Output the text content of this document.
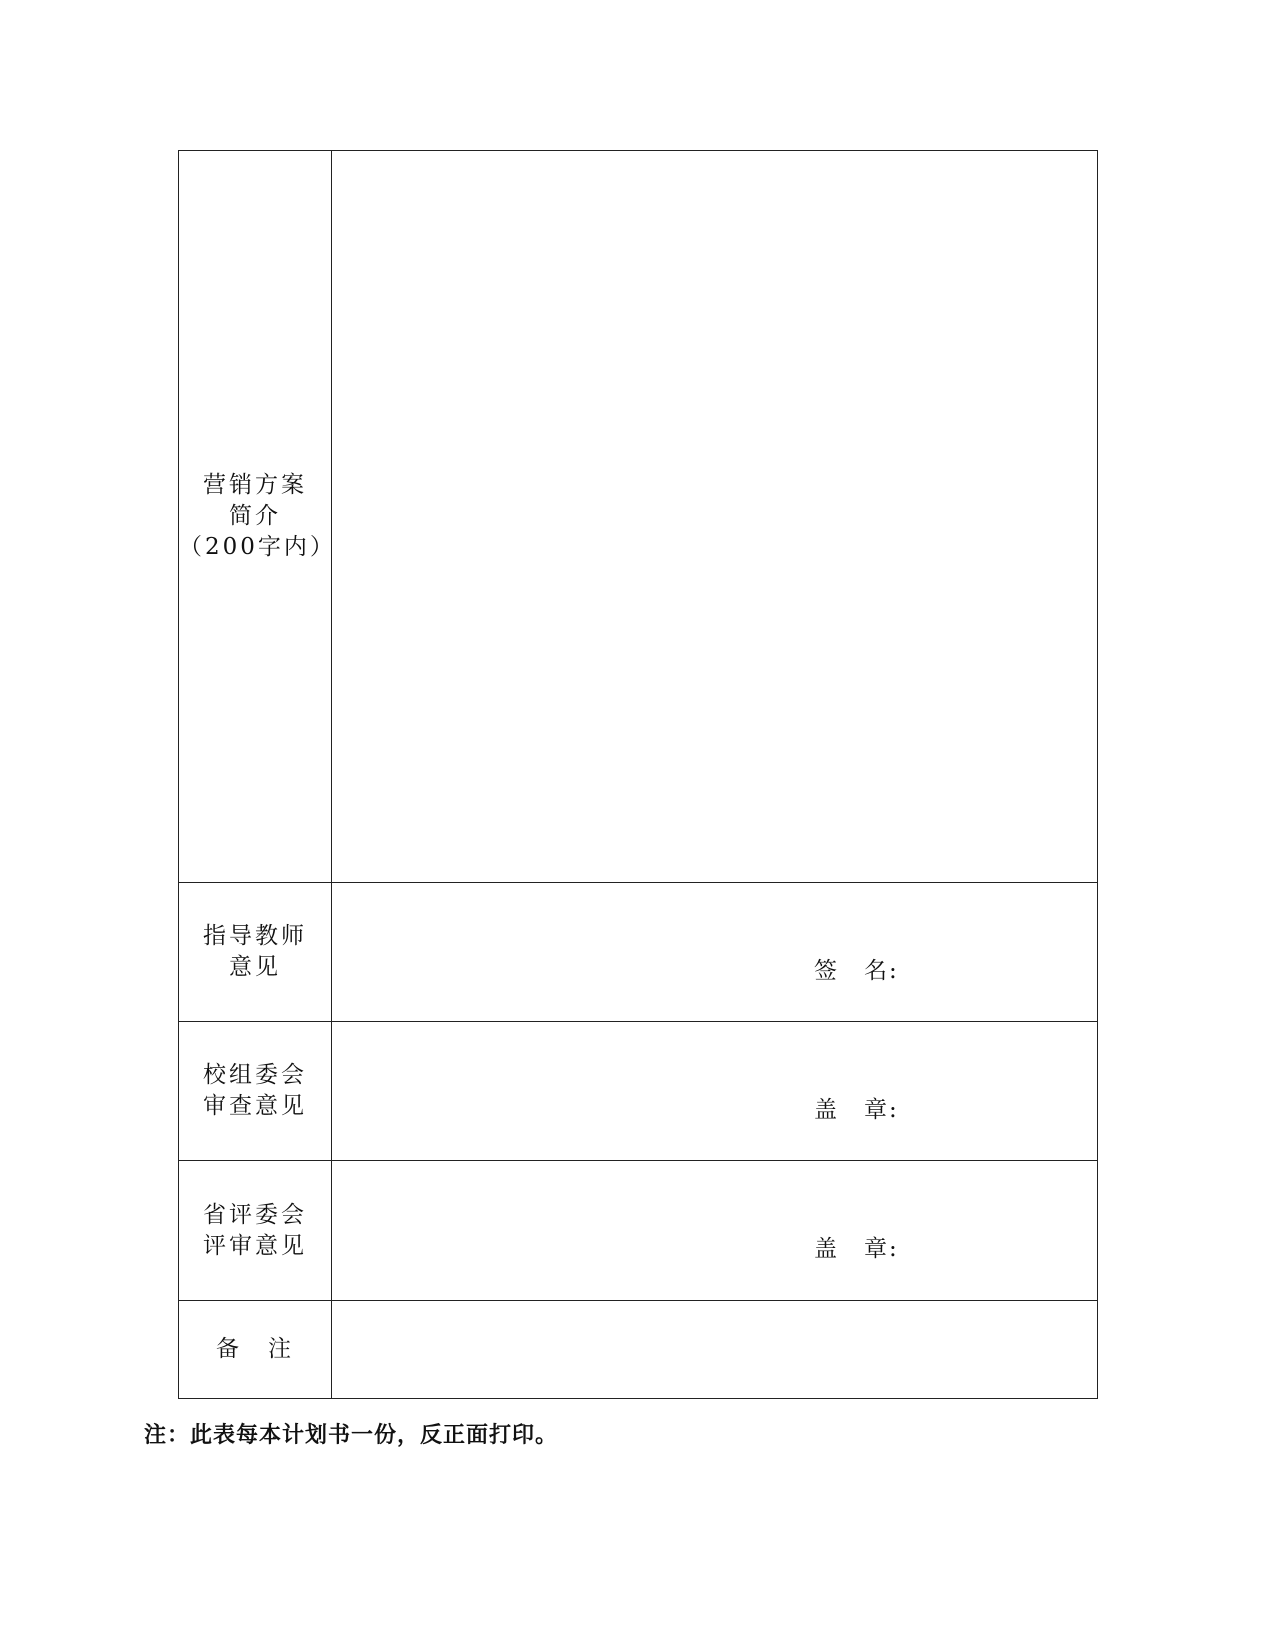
营销方案
简介
（200字内）	

指导教师
意见	签　名:

校组委会
审查意见	盖　章:

省评委会
评审意见	盖　章:

备　注	

注：此表每本计划书一份，反正面打印。
